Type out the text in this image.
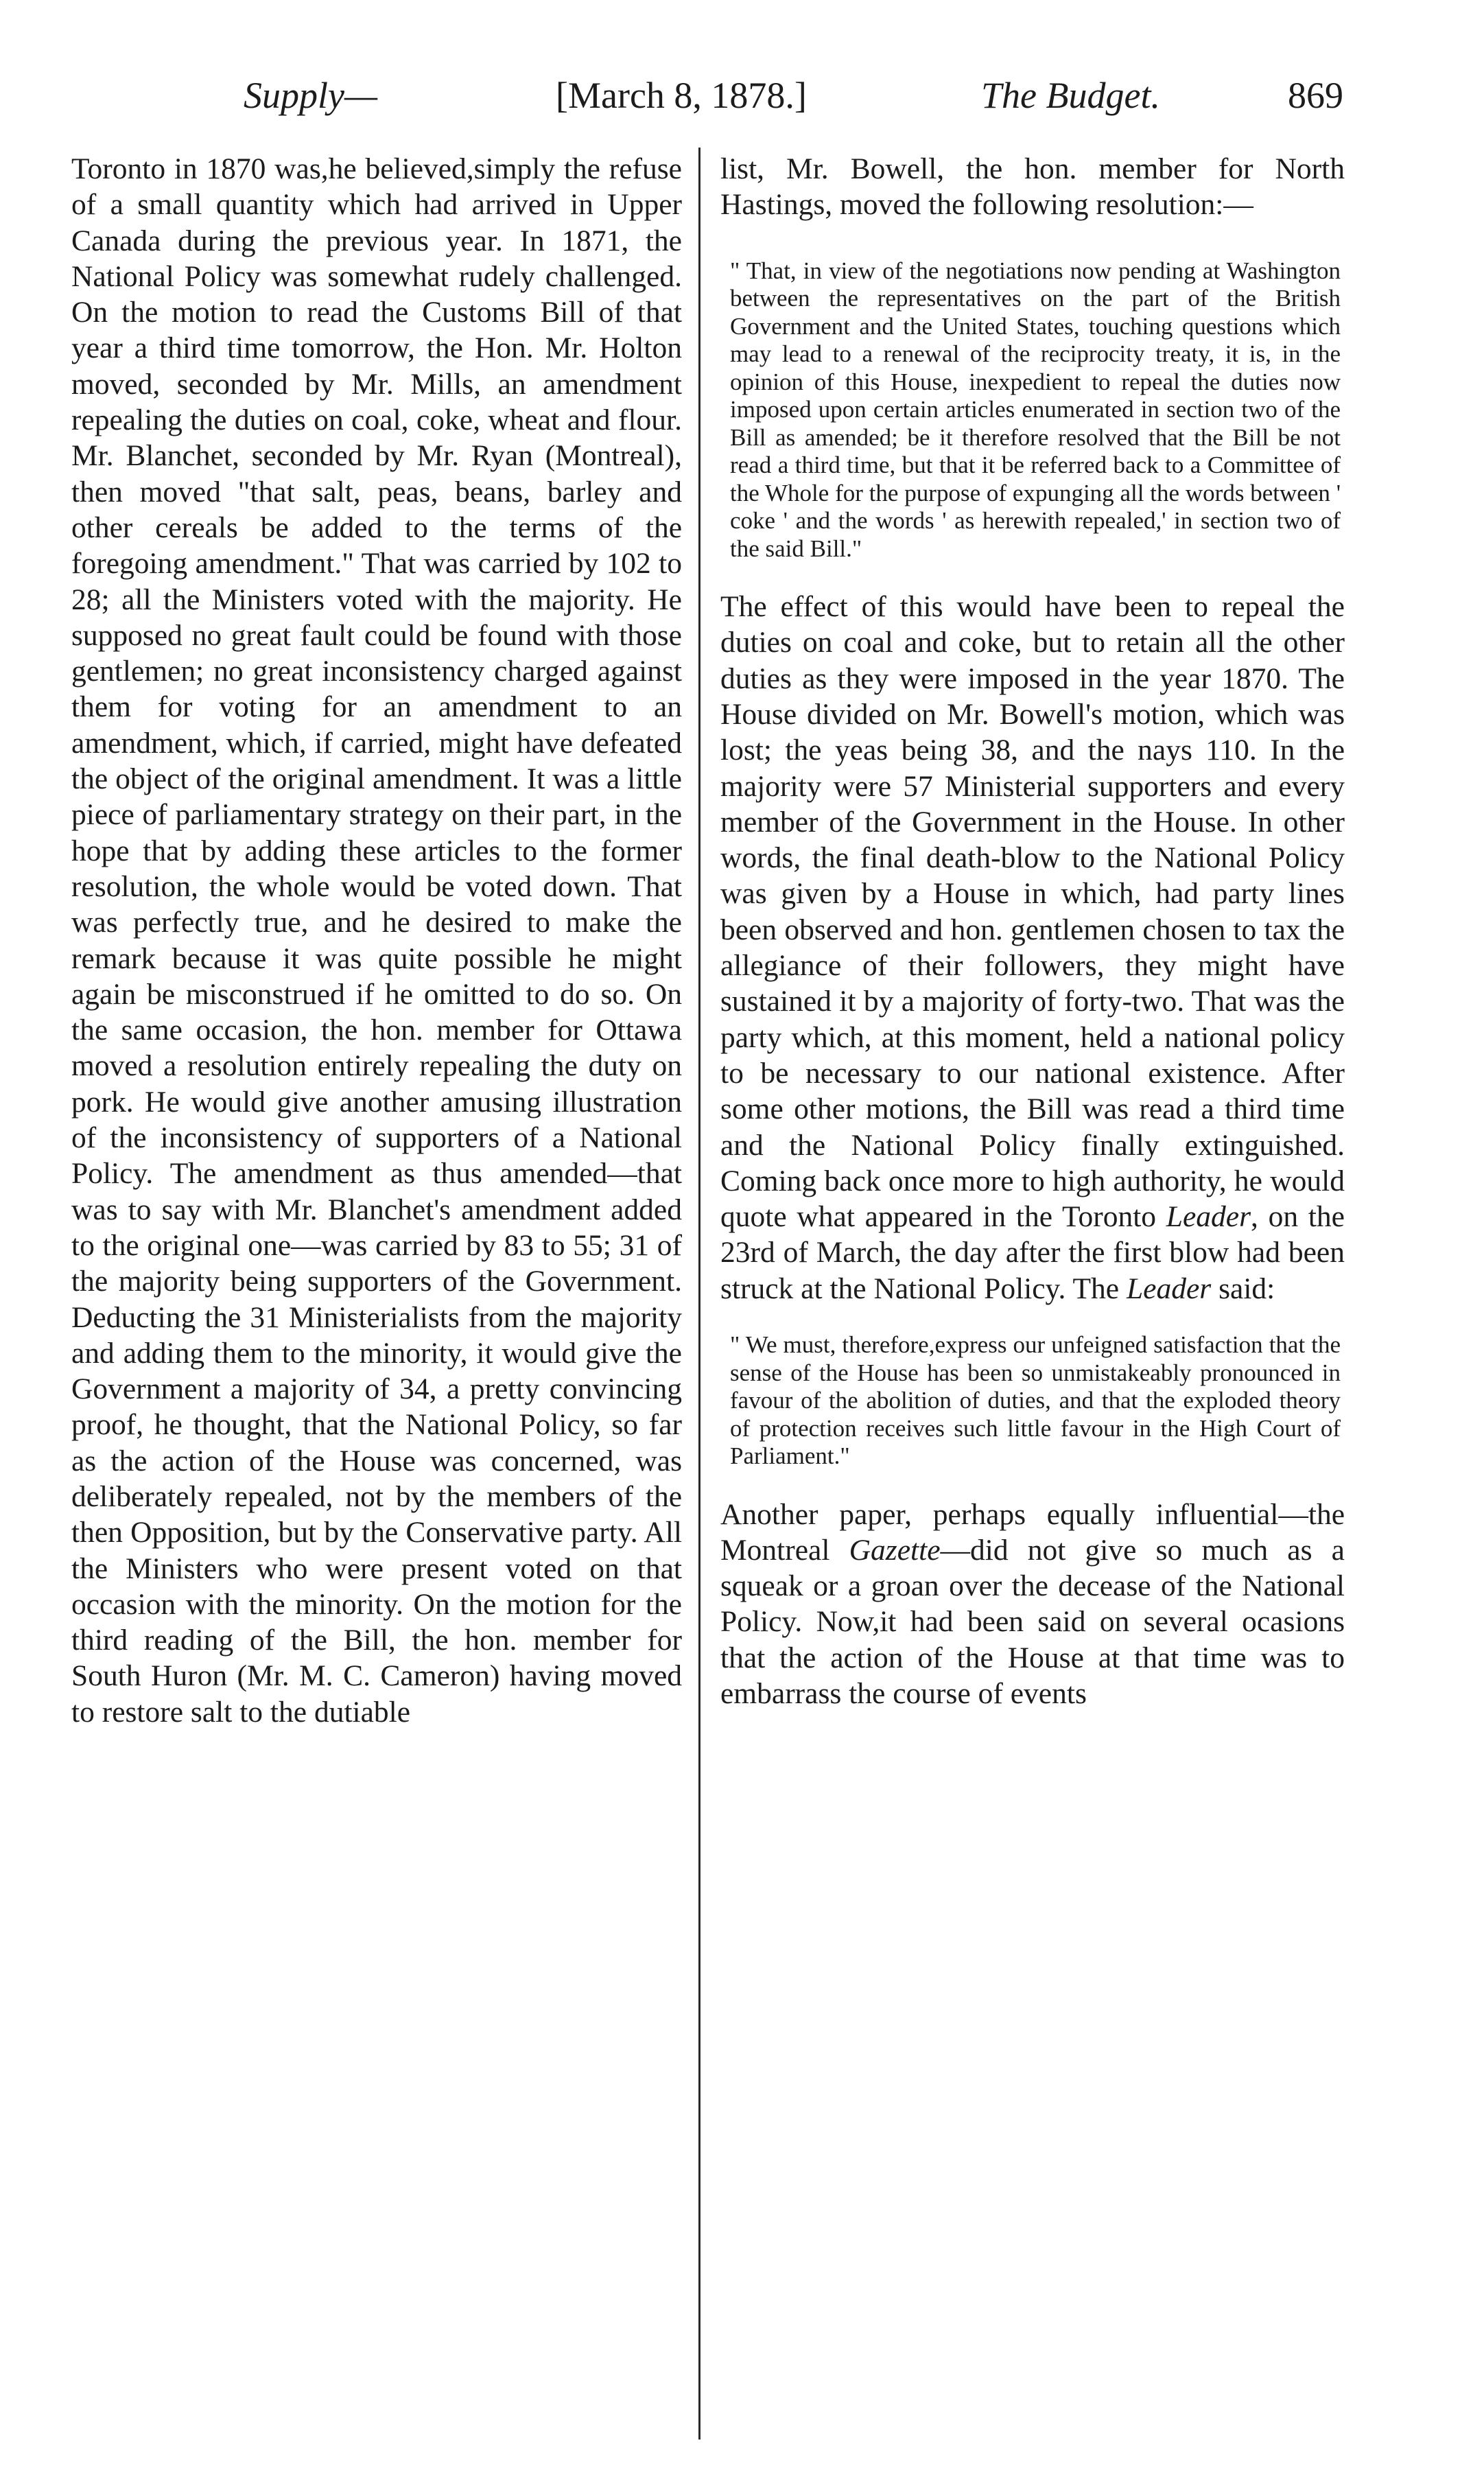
Supply—	[March 8, 1878.]	The Budget.	869

Toronto in 1870 was,he believed,simply the refuse of a small quantity which had arrived in Upper Canada during the previous year. In 1871, the National Policy was somewhat rudely challenged. On the motion to read the Customs Bill of that year a third time tomorrow, the Hon. Mr. Holton moved, seconded by Mr. Mills, an amendment repealing the duties on coal, coke, wheat and flour. Mr. Blanchet, seconded by Mr. Ryan (Montreal), then moved "that salt, peas, beans, barley and other cereals be added to the terms of the foregoing amendment." That was carried by 102 to 28; all the Ministers voted with the majority. He supposed no great fault could be found with those gentlemen; no great inconsistency charged against them for voting for an amendment to an amendment, which, if carried, might have defeated the object of the original amendment. It was a little piece of parliamentary strategy on their part, in the hope that by adding these articles to the former resolution, the whole would be voted down. That was perfectly true, and he desired to make the remark because it was quite possible he might again be misconstrued if he omitted to do so. On the same occasion, the hon. member for Ottawa moved a resolution entirely repealing the duty on pork. He would give another amusing illustration of the inconsistency of supporters of a National Policy. The amendment as thus amended—that was to say with Mr. Blanchet's amendment added to the original one—was carried by 83 to 55; 31 of the majority being supporters of the Government. Deducting the 31 Ministerialists from the majority and adding them to the minority, it would give the Government a majority of 34, a pretty convincing proof, he thought, that the National Policy, so far as the action of the House was concerned, was deliberately repealed, not by the members of the then Opposition, but by the Conservative party. All the Ministers who were present voted on that occasion with the minority. On the motion for the third reading of the Bill, the hon. member for South Huron (Mr. M. C. Cameron) having moved to restore salt to the dutiable

list, Mr. Bowell, the hon. member for North Hastings, moved the following resolution:—

" That, in view of the negotiations now pending at Washington between the representatives on the part of the British Government and the United States, touching questions which may lead to a renewal of the reciprocity treaty, it is, in the opinion of this House, inexpedient to repeal the duties now imposed upon certain articles enumerated in section two of the Bill as amended; be it therefore resolved that the Bill be not read a third time, but that it be referred back to a Committee of the Whole for the purpose of expunging all the words between ' coke ' and the words ' as herewith repealed,' in section two of the said Bill."

The effect of this would have been to repeal the duties on coal and coke, but to retain all the other duties as they were imposed in the year 1870. The House divided on Mr. Bowell's motion, which was lost; the yeas being 38, and the nays 110. In the majority were 57 Ministerial supporters and every member of the Government in the House. In other words, the final death-blow to the National Policy was given by a House in which, had party lines been observed and hon. gentlemen chosen to tax the allegiance of their followers, they might have sustained it by a majority of forty-two. That was the party which, at this moment, held a national policy to be necessary to our national existence. After some other motions, the Bill was read a third time and the National Policy finally extinguished. Coming back once more to high authority, he would quote what appeared in the Toronto Leader, on the 23rd of March, the day after the first blow had been struck at the National Policy. The Leader said:

" We must, therefore,express our unfeigned satisfaction that the sense of the House has been so unmistakeably pronounced in favour of the abolition of duties, and that the exploded theory of protection receives such little favour in the High Court of Parliament."

Another paper, perhaps equally influential—the Montreal Gazette—did not give so much as a squeak or a groan over the decease of the National Policy. Now,it had been said on several ocasions that the action of the House at that time was to embarrass the course of events
